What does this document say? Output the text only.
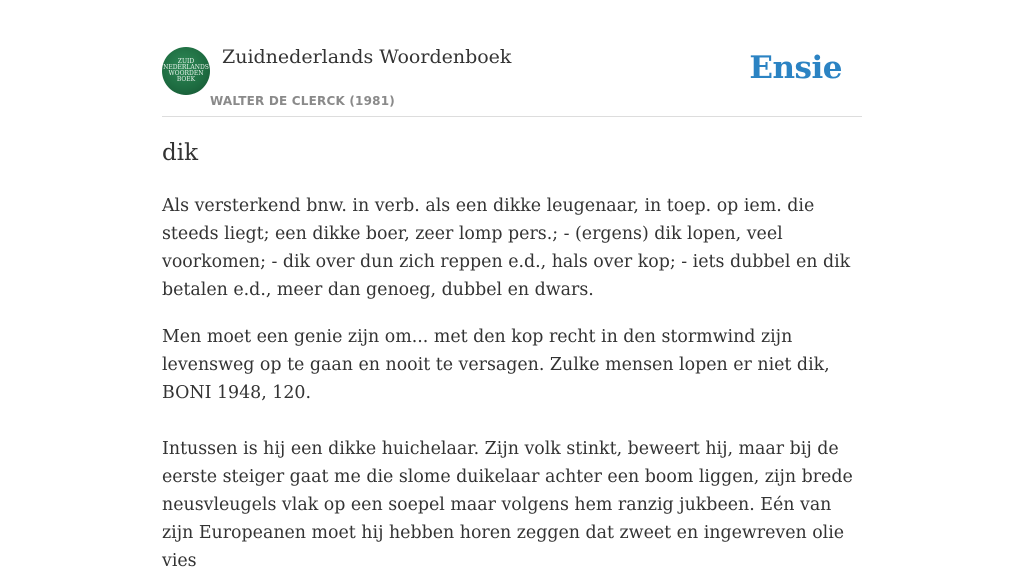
ZUID
NEDERLANDS
WOORDEN
BOEK
Zuidnederlands Woordenboek
WALTER DE CLERCK (1981)
Ensie
dik

Als versterkend bnw. in verb. als een dikke leugenaar, in toep. op iem. die steeds liegt; een dikke boer, zeer lomp pers.; - (ergens) dik lopen, veel voorkomen; - dik over dun zich reppen e.d., hals over kop; - iets dubbel en dik betalen e.d., meer dan genoeg, dubbel en dwars.

Men moet een genie zijn om... met den kop recht in den stormwind zijn levensweg op te gaan en nooit te versagen. Zulke mensen lopen er niet dik, BONI 1948, 120.

Intussen is hij een dikke huichelaar. Zijn volk stinkt, beweert hij, maar bij de eerste steiger gaat me die slome duikelaar achter een boom liggen, zijn brede neusvleugels vlak op een soepel maar volgens hem ranzig jukbeen. Eén van zijn Europeanen moet hij hebben horen zeggen dat zweet en ingewreven olie vies
